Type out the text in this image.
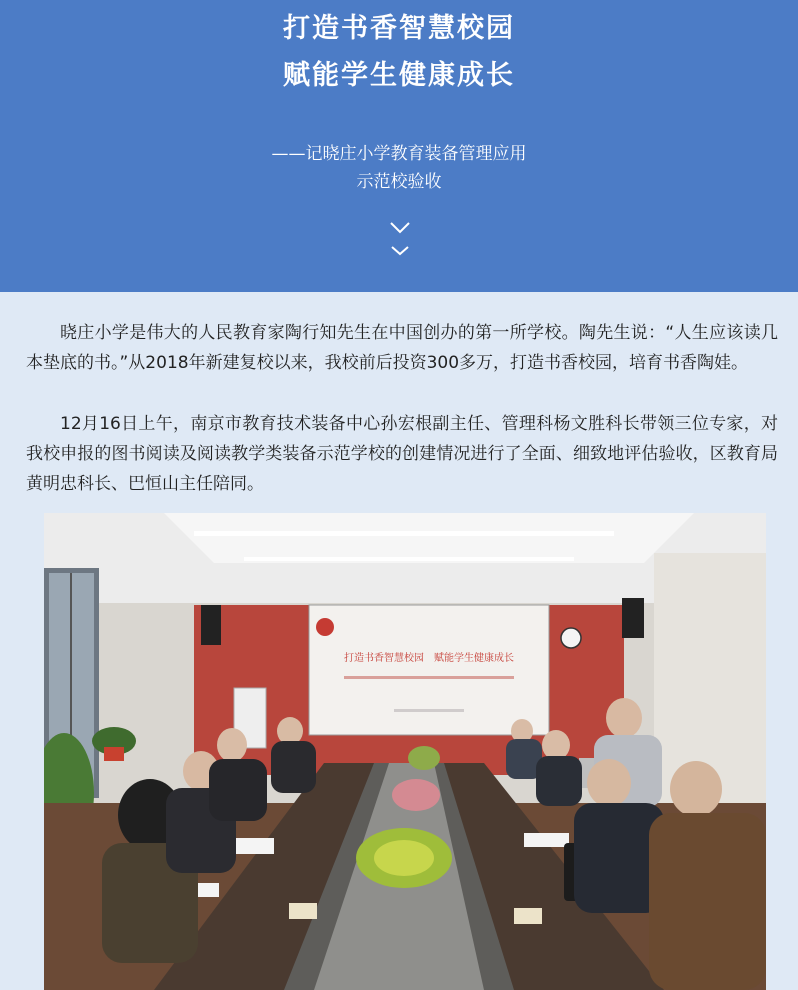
打造书香智慧校园
赋能学生健康成长
——记晓庄小学教育装备管理应用
示范校验收

晓庄小学是伟大的人民教育家陶行知先生在中国创办的第一所学校。陶先生说：“人生应该读几本垫底的书。”从2018年新建复校以来，我校前后投资300多万，打造书香校园，培育书香陶娃。

12月16日上午，南京市教育技术装备中心孙宏根副主任、管理科杨文胜科长带领三位专家，对我校申报的图书阅读及阅读教学类装备示范学校的创建情况进行了全面、细致地评估验收，区教育局黄明忠科长、巴恒山主任陪同。

打造书香智慧校园　赋能学生健康成长
